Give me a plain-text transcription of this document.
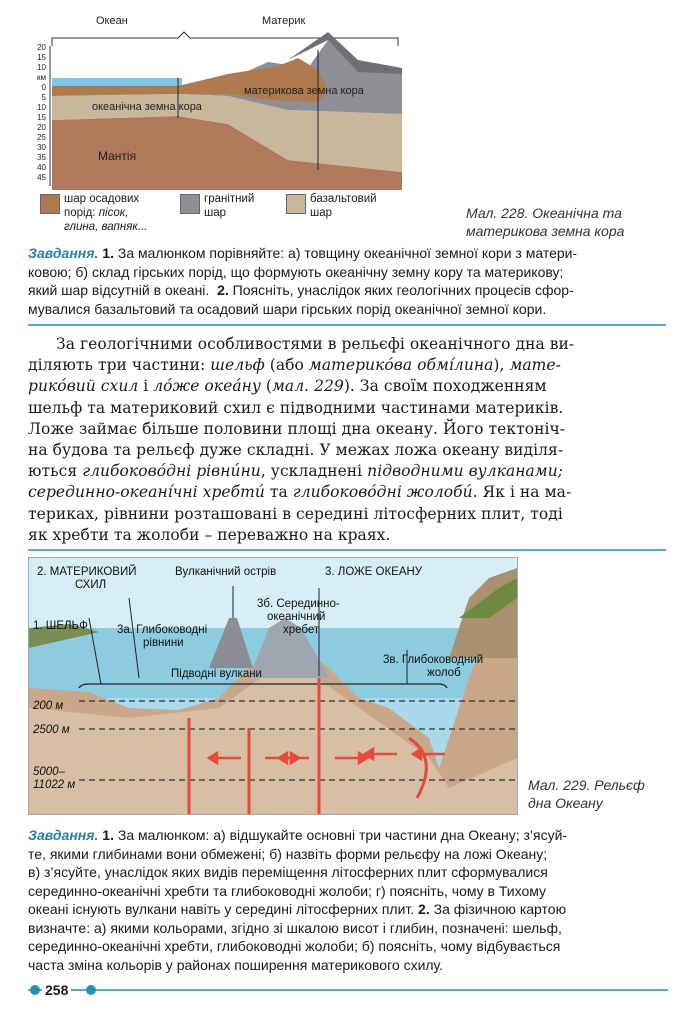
Океан	Материк
20
15
10
км
0
5
10
15
20
25
30
35
40
45
океанічна земна кора
материкова земна кора
Мантія
шар осадових
порід: пісок,
глина, вапняк...
гранітний
шар
базальтовий
шар	Мал. 228. Океанічна та
материкова земна кора
Завдання. 1. За малюнком порівняйте: а) товщину океанічної земної кори з матери-
ковою; б) склад гірських порід, що формують океанічну земну кору та материкову;
який шар відсутній в океані. 2. Поясніть, унаслідок яких геологічних процесів сфор-
мувалися базальтовий та осадовий шари гірських порід океанічної земної кори.

За геологічними особливостями в рельєфі океанічного дна ви-

діляють три частини: шельф (або материкóва обмíлина), мате-
рикóвий схил і лóже океáну (мал. 229). За своїм походженням
шельф та материковий схил є підводними частинами материків.
Ложе займає більше половини площі дна океану. Його тектоніч-
на будова та рельєф дуже складні. У межах ложа океану виділя-
ються глибоковóдні рівнúни, ускладнені підводними вулканами;
серединно-океанíчні хребтú та глибоковóдні жолобú. Як і на ма-
териках, рівнини розташовані в середині літосферних плит, тоді
як хребти та жолоби – переважно на краях.
2. МАТЕРИКОВИЙ
СХИЛ
Вулканічний острів	3. ЛОЖЕ ОКЕАНУ
1. ШЕЛЬФ	3а. Глибоководні
рівнини
3б. Серединно-
океанічний
хребет
3в. Глибоководний
жолоб
Підводні вулкани
200 м
2500 м
5000–
11022 м	Мал. 229. Рельєф
дна Океану
Завдання. 1. За малюнком: а) відшукайте основні три частини дна Океану; з’ясуй-
те, якими глибинами вони обмежені; б) назвіть форми рельєфу на ложі Океану;
в) з’ясуйте, унаслідок яких видів переміщення літосферних плит сформувалися
серединно-океанічні хребти та глибоководні жолоби; г) поясніть, чому в Тихому
океані існують вулкани навіть у середині літосферних плит. 2. За фізичною картою
визначте: а) якими кольорами, згідно зі шкалою висот і глибин, позначені: шельф,
серединно-океанічні хребти, глибоководні жолоби; б) поясніть, чому відбувається
часта зміна кольорів у районах поширення материкового схилу.
258
